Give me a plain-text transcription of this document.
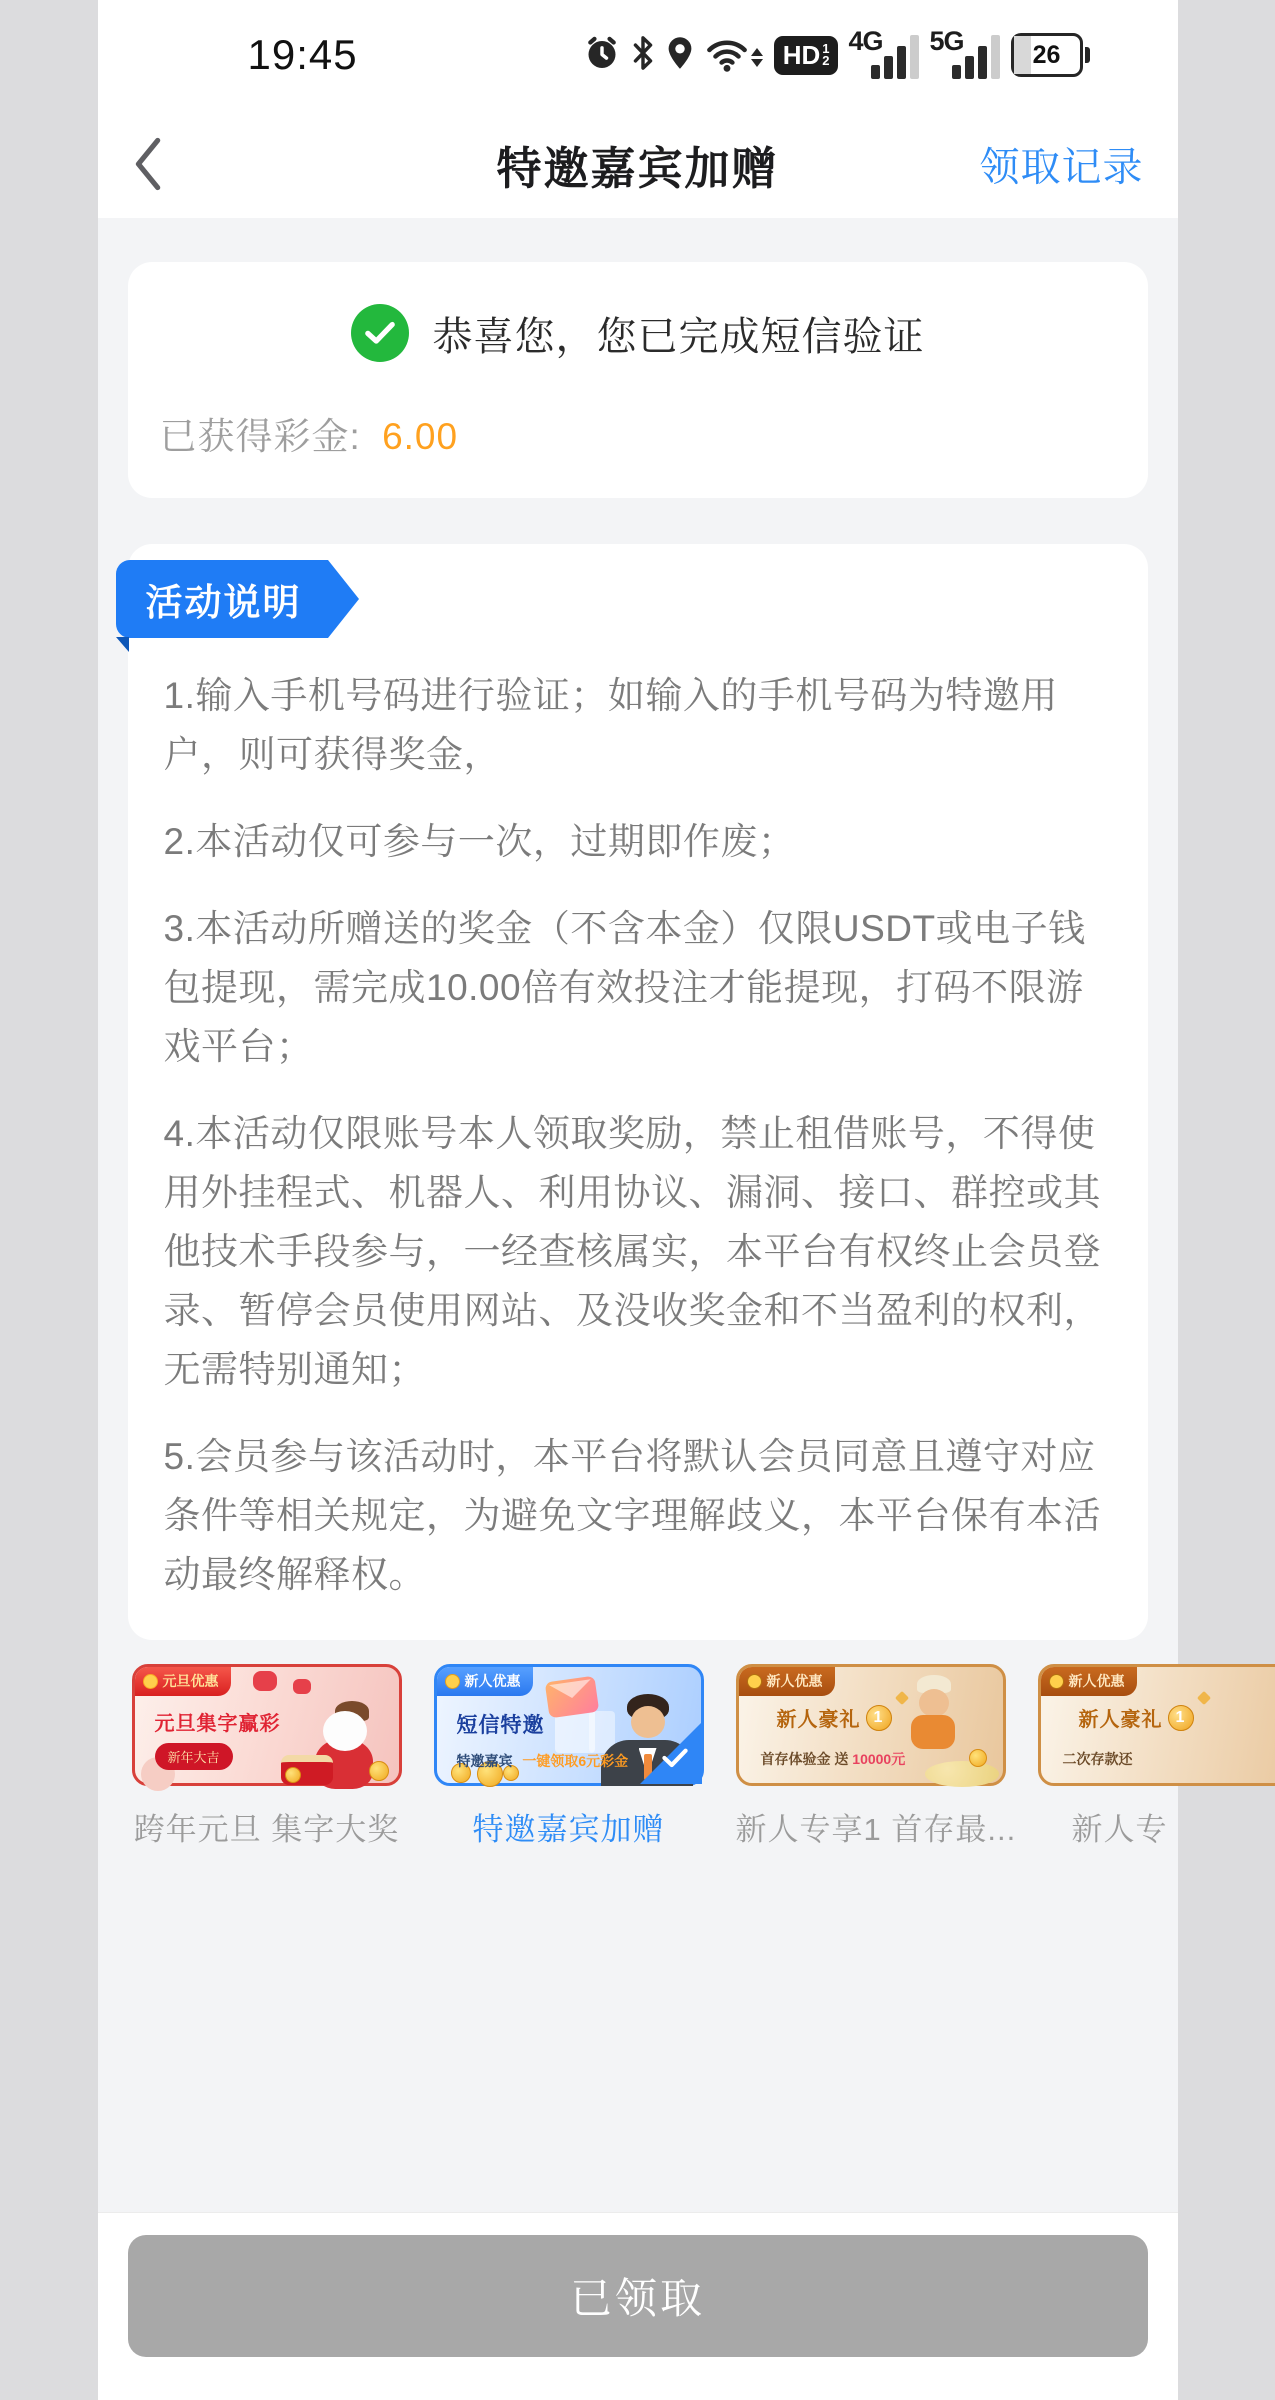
19:45	HD 1
2
4G 5G	26
特邀嘉宾加赠	领取记录
恭喜您，您已完成短信验证
已获得彩金: 6.00
活动说明

1.输入手机号码进行验证；如输入的手机号码为特邀用户，则可获得奖金，

2.本活动仅可参与一次，过期即作废；

3.本活动所赠送的奖金（不含本金）仅限USDT或电子钱包提现，需完成10.00倍有效投注才能提现，打码不限游戏平台；

4.本活动仅限账号本人领取奖励，禁止租借账号，不得使用外挂程式、机器人、利用协议、漏洞、接口、群控或其他技术手段参与，一经查核属实，本平台有权终止会员登录、暂停会员使用网站、及没收奖金和不当盈利的权利，无需特别通知；

5.会员参与该活动时，本平台将默认会员同意且遵守对应条件等相关规定，为避免文字理解歧义，本平台保有本活动最终解释权。

元旦优惠
元旦集字赢彩
新年大吉
跨年元旦 集字大奖
新人优惠
短信特邀
特邀嘉宾 一键领取6元彩金
特邀嘉宾加赠
新人优惠
新人豪礼 1
首存体验金 送 10000元
新人专享1 首存最...
新人优惠
新人豪礼 1
二次存款还
新人专
已领取
